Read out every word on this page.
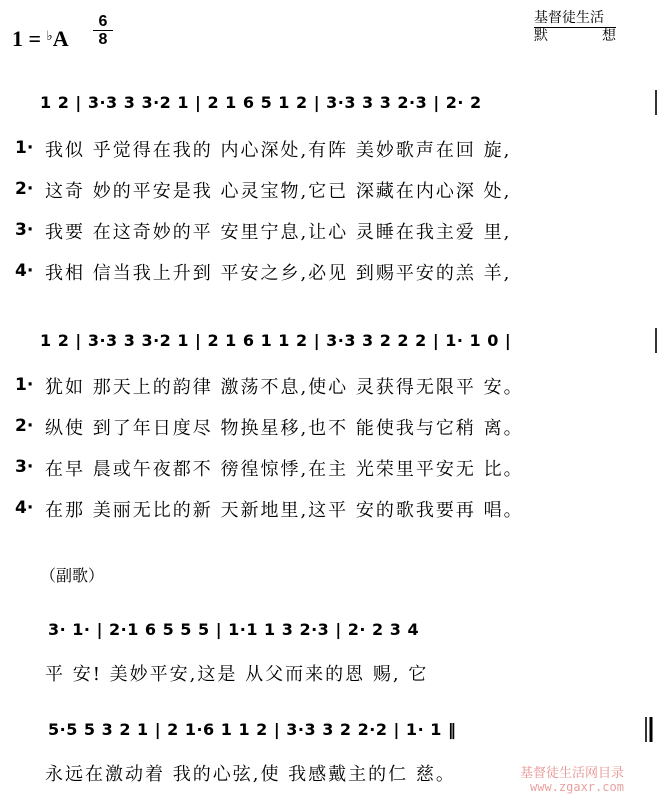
1 = ♭A
6
8
基督徒生活
默	想
1 2 | 3·3 3 3·2 1 | 2 1 6 5 1 2 | 3·3 3 3 2·3 | 2· 2
1· 我似 乎觉得在我的 内心深处,有阵 美妙歌声在回 旋,
2· 这奇 妙的平安是我 心灵宝物,它已 深藏在内心深 处,
3· 我要 在这奇妙的平 安里宁息,让心 灵睡在我主爱 里,
4· 我相 信当我上升到 平安之乡,必见 到赐平安的羔 羊,
1 2 | 3·3 3 3·2 1 | 2 1 6 1 1 2 | 3·3 3 2 2 2 | 1· 1 0 |
1· 犹如 那天上的韵律 激荡不息,使心 灵获得无限平 安。
2· 纵使 到了年日度尽 物换星移,也不 能使我与它稍 离。
3· 在早 晨或午夜都不 徬徨惊悸,在主 光荣里平安无 比。
4· 在那 美丽无比的新 天新地里,这平 安的歌我要再 唱。
（副歌）
3· 1· | 2·1 6 5 5 5 | 1·1 1 3 2·3 | 2· 2 3 4
平 安! 美妙平安,这是 从父而来的恩 赐, 它
5·5 5 3 2 1 | 2 1·6 1 1 2 | 3·3 3 2 2·2 | 1· 1 ‖
永远在激动着 我的心弦,使 我感戴主的仁 慈。	基督徒生活网目录
www.zgaxr.com
